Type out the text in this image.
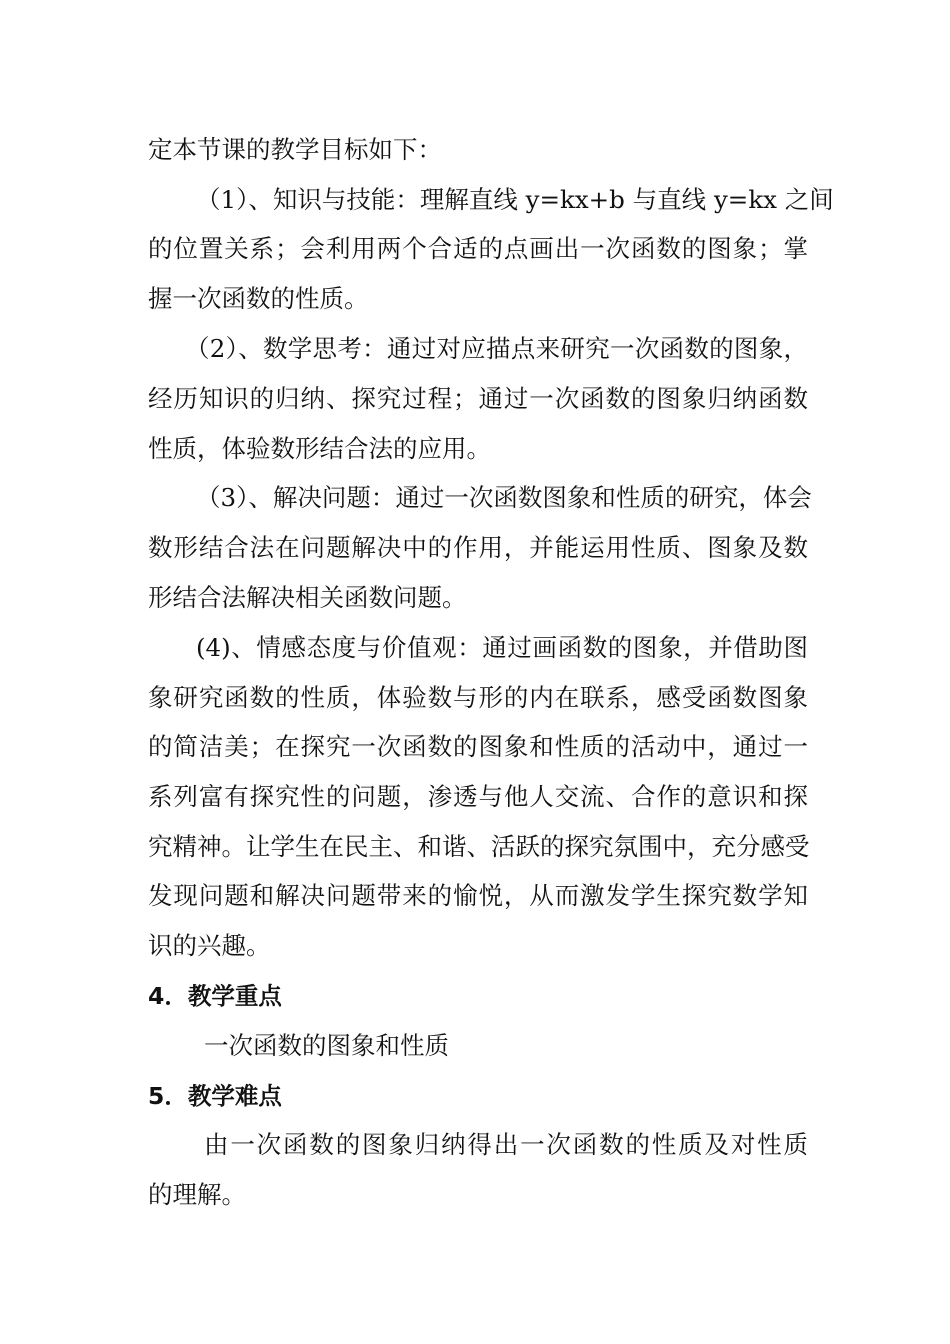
定本节课的教学目标如下：
（1）、知识与技能：理解直线 y=kx+b 与直线 y=kx 之间
的位置关系；会利用两个合适的点画出一次函数的图象；掌
握一次函数的性质。
（2）、数学思考：通过对应描点来研究一次函数的图象，
经历知识的归纳、探究过程；通过一次函数的图象归纳函数
性质，体验数形结合法的应用。
（3）、解决问题：通过一次函数图象和性质的研究，体会
数形结合法在问题解决中的作用，并能运用性质、图象及数
形结合法解决相关函数问题。
(4)、情感态度与价值观：通过画函数的图象，并借助图
象研究函数的性质，体验数与形的内在联系，感受函数图象
的简洁美；在探究一次函数的图象和性质的活动中，通过一
系列富有探究性的问题，渗透与他人交流、合作的意识和探
究精神。让学生在民主、和谐、活跃的探究氛围中，充分感受
发现问题和解决问题带来的愉悦，从而激发学生探究数学知
识的兴趣。
4．教学重点
一次函数的图象和性质
5．教学难点
由一次函数的图象归纳得出一次函数的性质及对性质
的理解。
